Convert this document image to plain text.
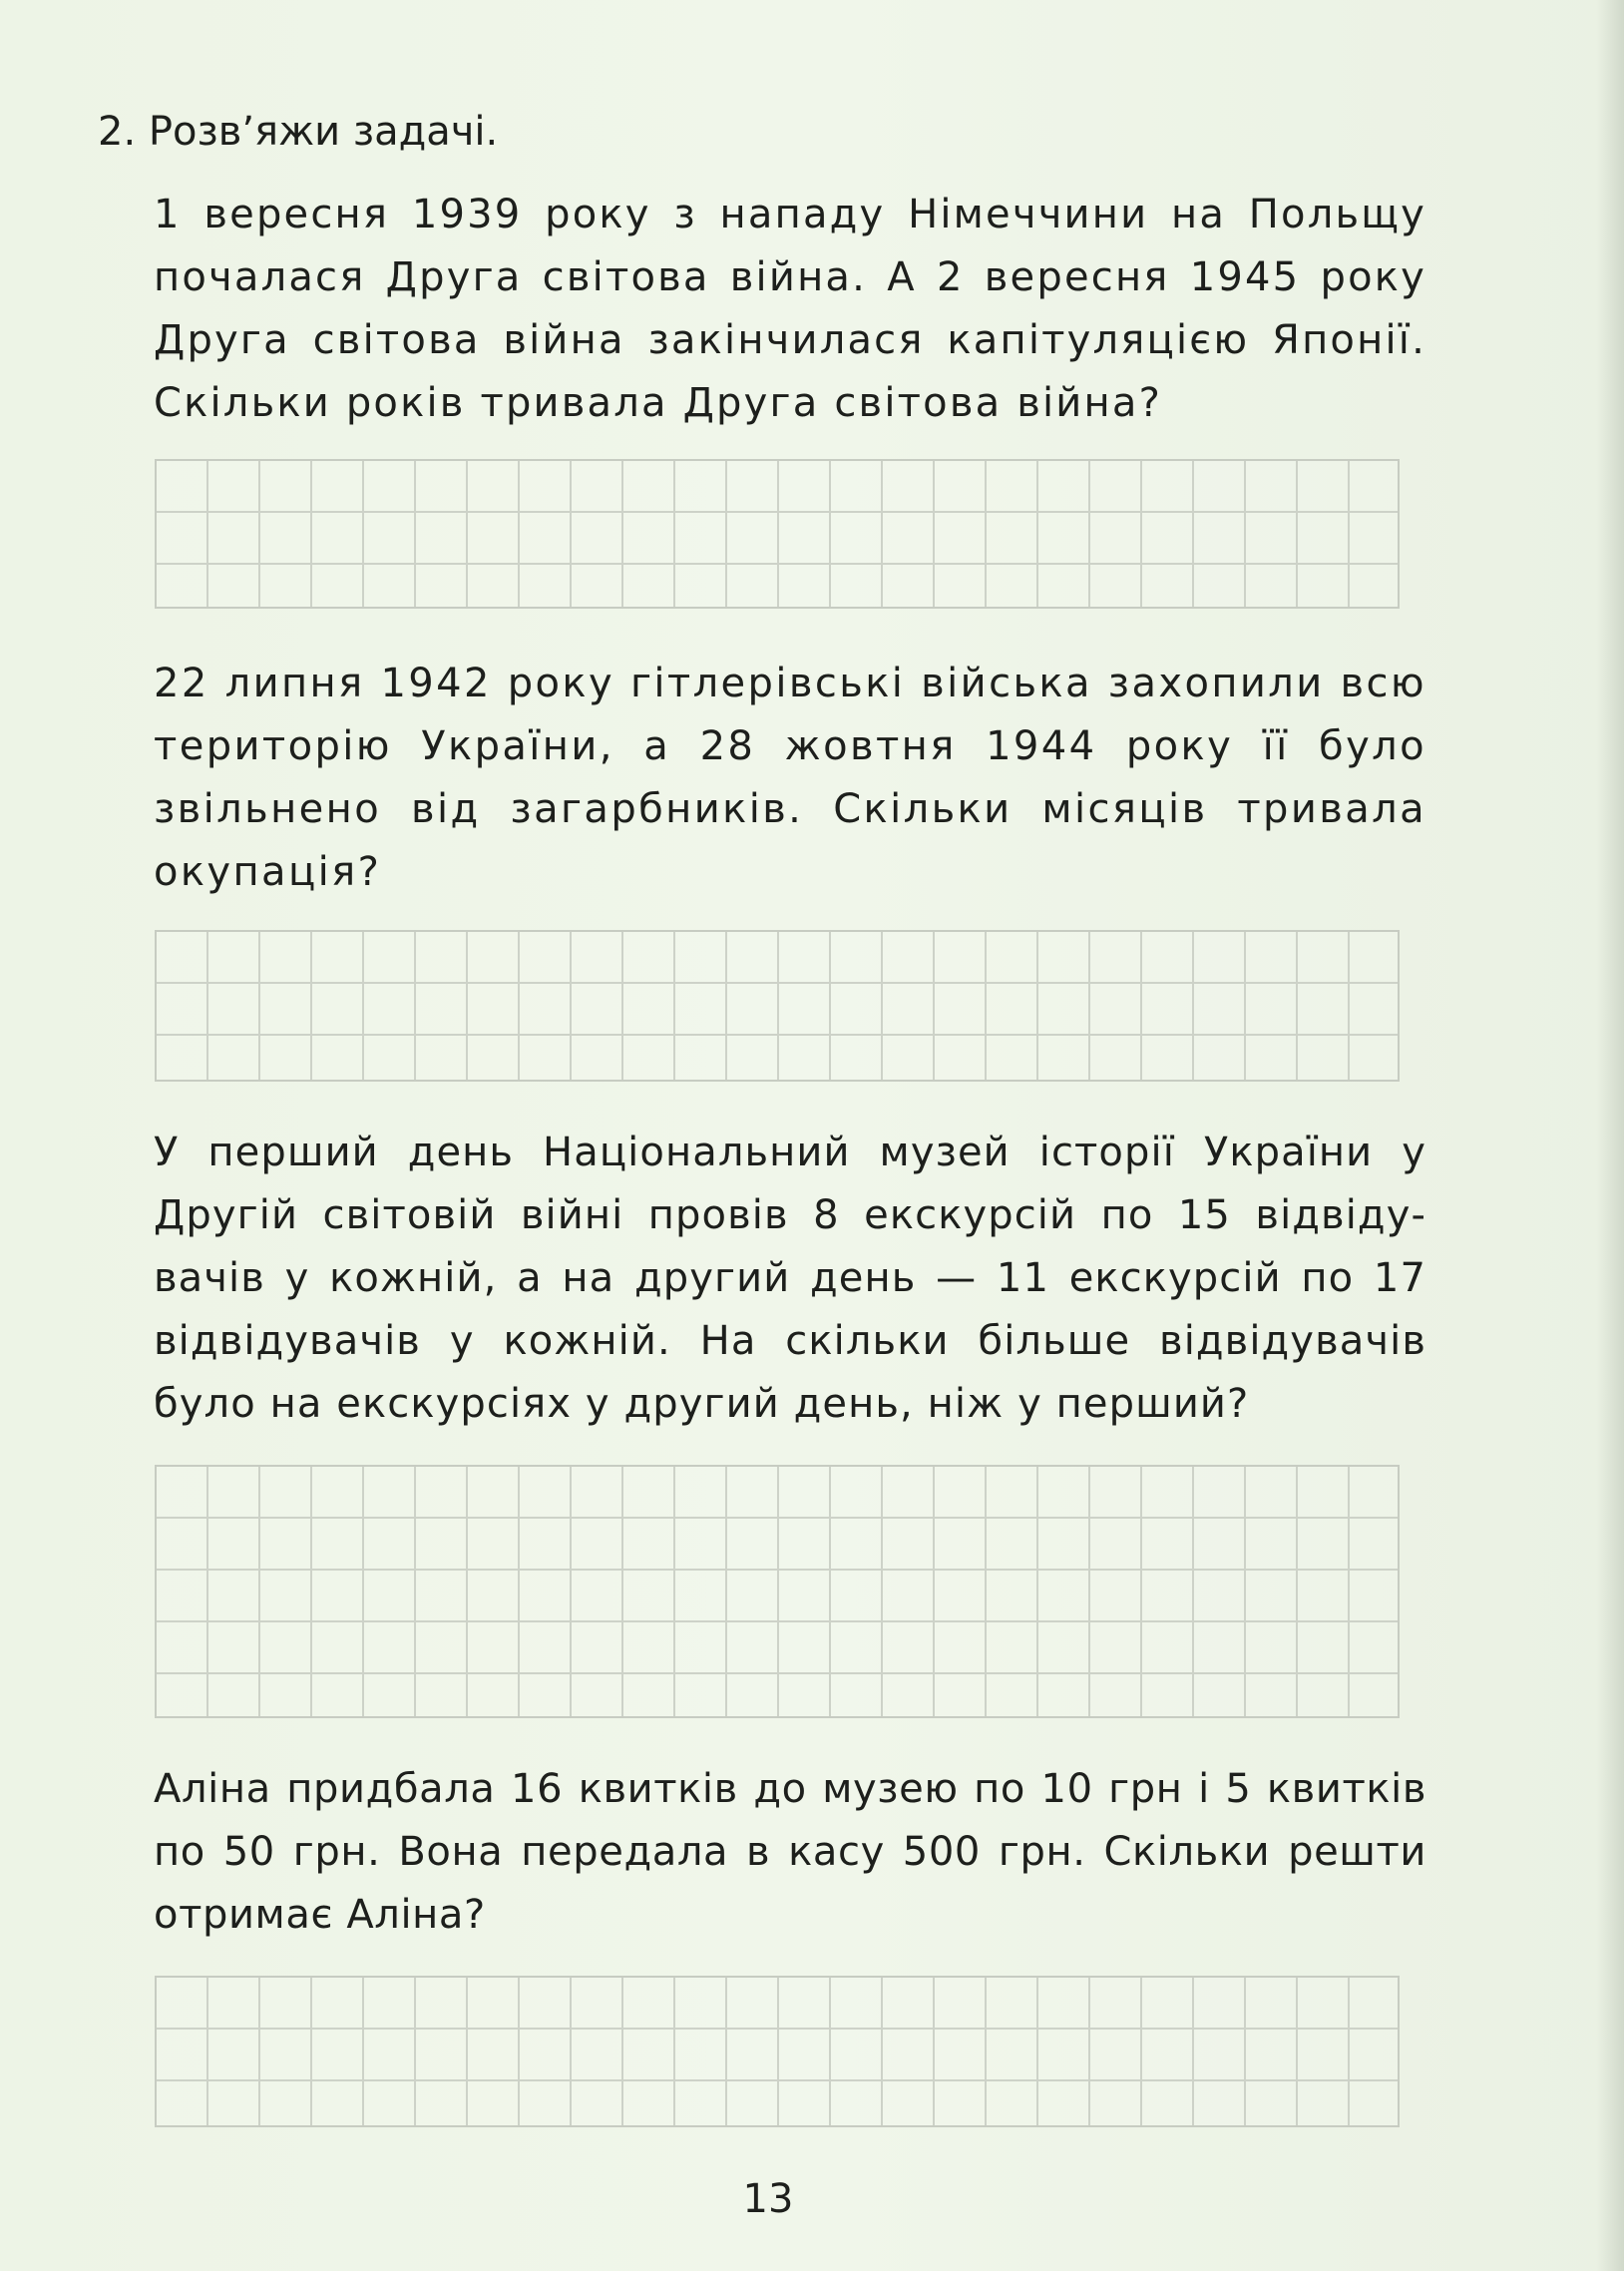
2. Розв’яжи задачі.

1 вересня 1939 року з нападу Німеччини на Польщу почалася Друга світова війна. А 2 вересня 1945 року Друга світова війна закінчилася капітуляцією Японії. Скільки років тривала Друга світова війна?

22 липня 1942 року гітлерівські війська захопили всю територію України, а 28 жовтня 1944 року її було звільнено від загарбників. Скільки місяців тривала окупація?

У перший день Національний музей історії України у Другій світовій війні провів 8 екскурсій по 15 відвіду-вачів у кожній, а на другий день — 11 екскурсій по 17 відвідувачів у кожній. На скільки більше відвідувачів було на екскурсіях у другий день, ніж у перший?

Аліна придбала 16 квитків до музею по 10 грн і 5 квитків по 50 грн. Вона передала в касу 500 грн. Скільки решти отримає Аліна?

13
